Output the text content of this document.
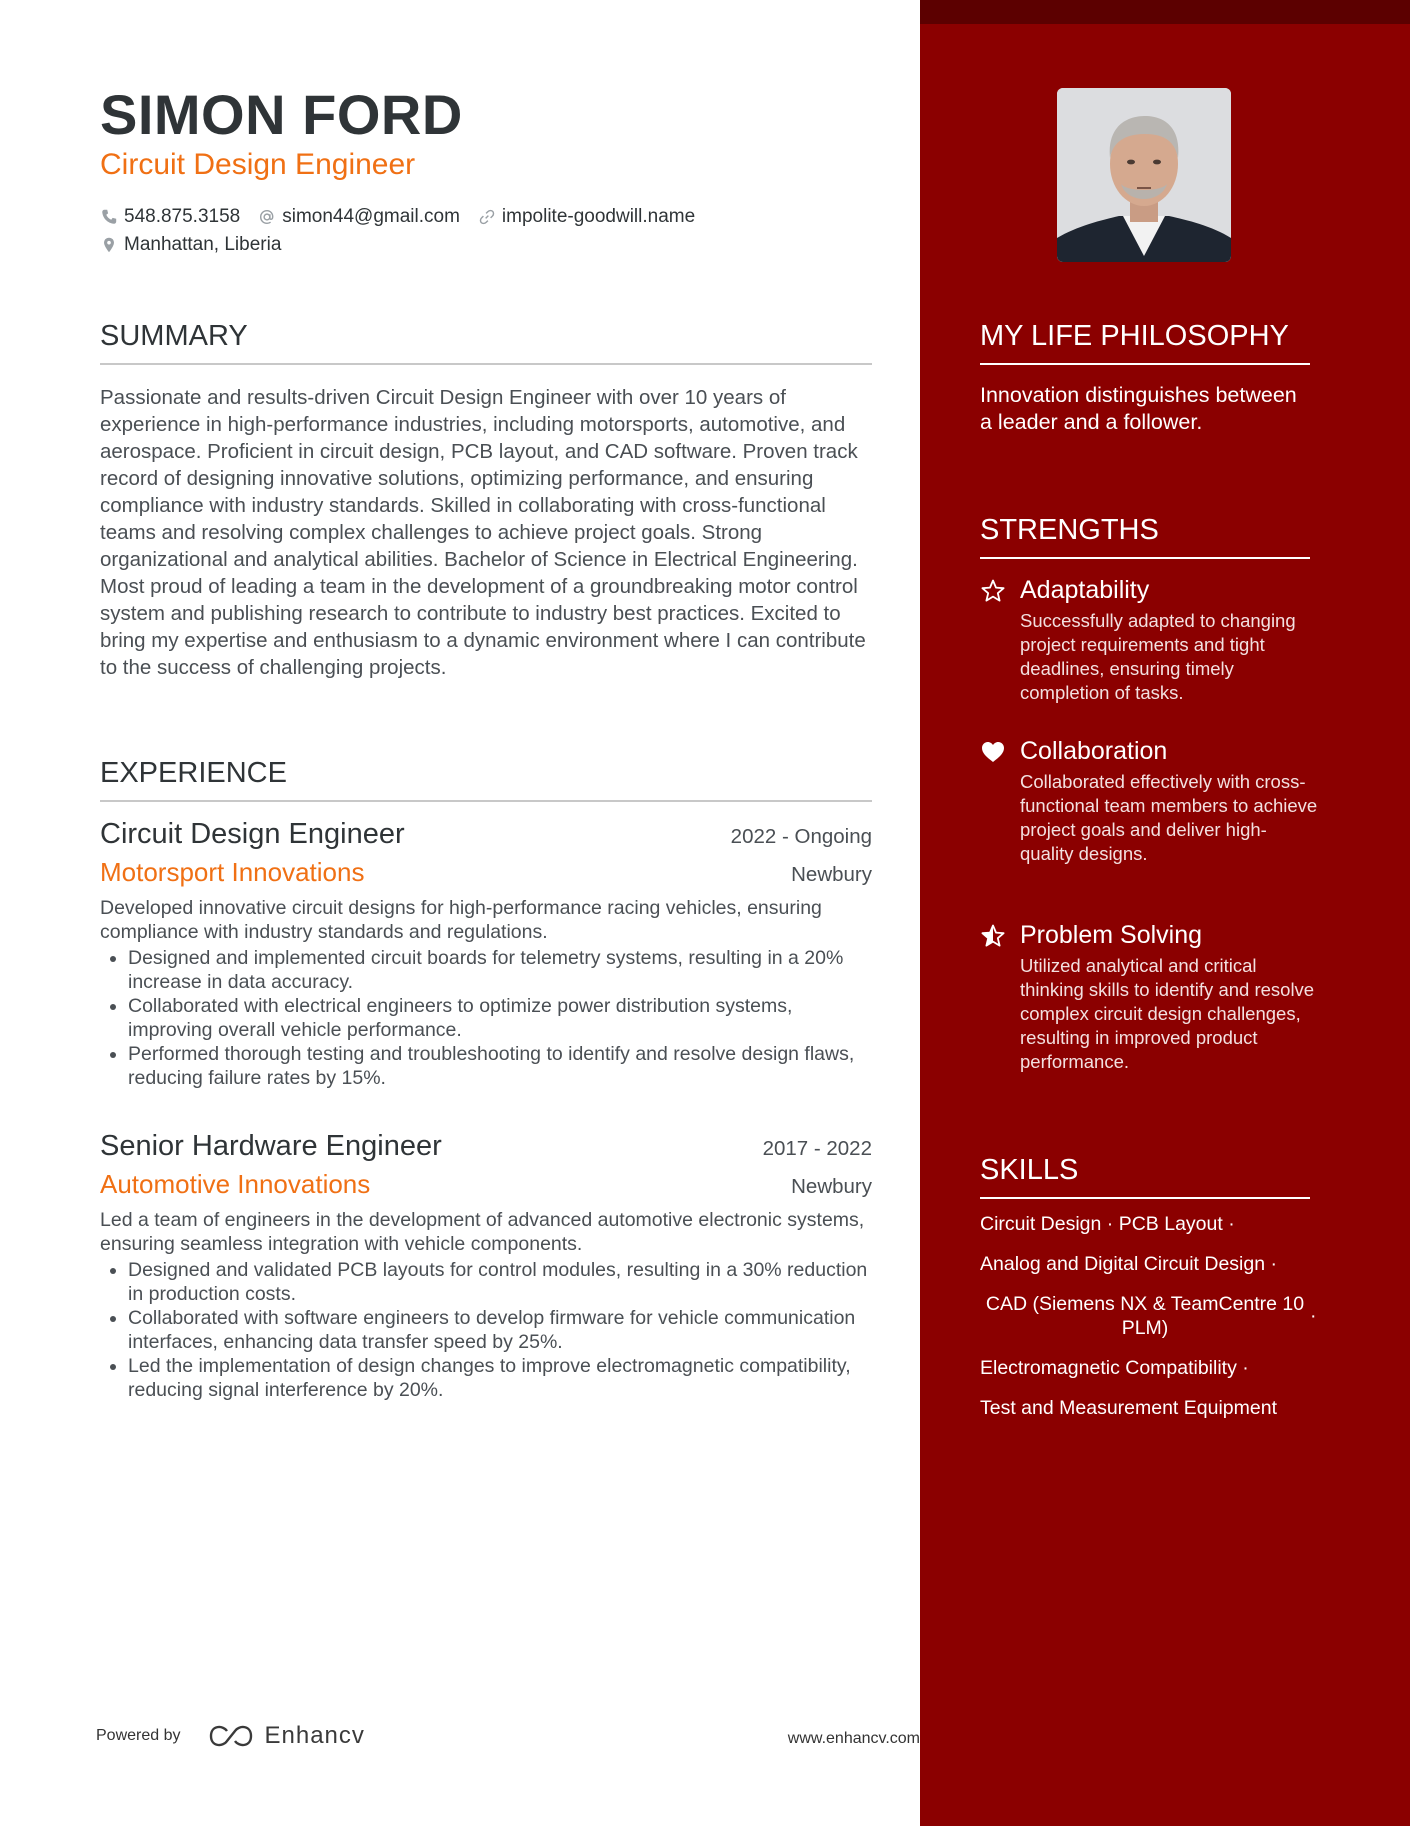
SIMON FORD
Circuit Design Engineer
548.875.3158 simon44@gmail.com impolite-goodwill.name
Manhattan, Liberia
SUMMARY

Passionate and results-driven Circuit Design Engineer with over 10 years of experience in high-performance industries, including motorsports, automotive, and aerospace. Proficient in circuit design, PCB layout, and CAD software. Proven track record of designing innovative solutions, optimizing performance, and ensuring compliance with industry standards. Skilled in collaborating with cross-functional teams and resolving complex challenges to achieve project goals. Strong organizational and analytical abilities. Bachelor of Science in Electrical Engineering. Most proud of leading a team in the development of a groundbreaking motor control system and publishing research to contribute to industry best practices. Excited to bring my expertise and enthusiasm to a dynamic environment where I can contribute to the success of challenging projects.

EXPERIENCE
Circuit Design Engineer	2022 - Ongoing
Motorsport Innovations	Newbury

Developed innovative circuit designs for high-performance racing vehicles, ensuring compliance with industry standards and regulations.

• Designed and implemented circuit boards for telemetry systems, resulting in a 20% increase in data accuracy.
• Collaborated with electrical engineers to optimize power distribution systems, improving overall vehicle performance.
• Performed thorough testing and troubleshooting to identify and resolve design flaws, reducing failure rates by 15%.
Senior Hardware Engineer	2017 - 2022
Automotive Innovations	Newbury

Led a team of engineers in the development of advanced automotive electronic systems, ensuring seamless integration with vehicle components.

• Designed and validated PCB layouts for control modules, resulting in a 30% reduction in production costs.
• Collaborated with software engineers to develop firmware for vehicle communication interfaces, enhancing data transfer speed by 25%.
• Led the implementation of design changes to improve electromagnetic compatibility, reducing signal interference by 20%.
Powered by	Enhancv	www.enhancv.com
MY LIFE PHILOSOPHY

Innovation distinguishes between a leader and a follower.

STRENGTHS
Adaptability
Successfully adapted to changing project requirements and tight deadlines, ensuring timely completion of tasks.
Collaboration
Collaborated effectively with cross-functional team members to achieve project goals and deliver high-quality designs.
Problem Solving
Utilized analytical and critical thinking skills to identify and resolve complex circuit design challenges, resulting in improved product performance.
SKILLS
Circuit Design · PCB Layout ·
Analog and Digital Circuit Design ·
CAD (Siemens NX & TeamCentre 10 PLM)
·
Electromagnetic Compatibility ·
Test and Measurement Equipment
